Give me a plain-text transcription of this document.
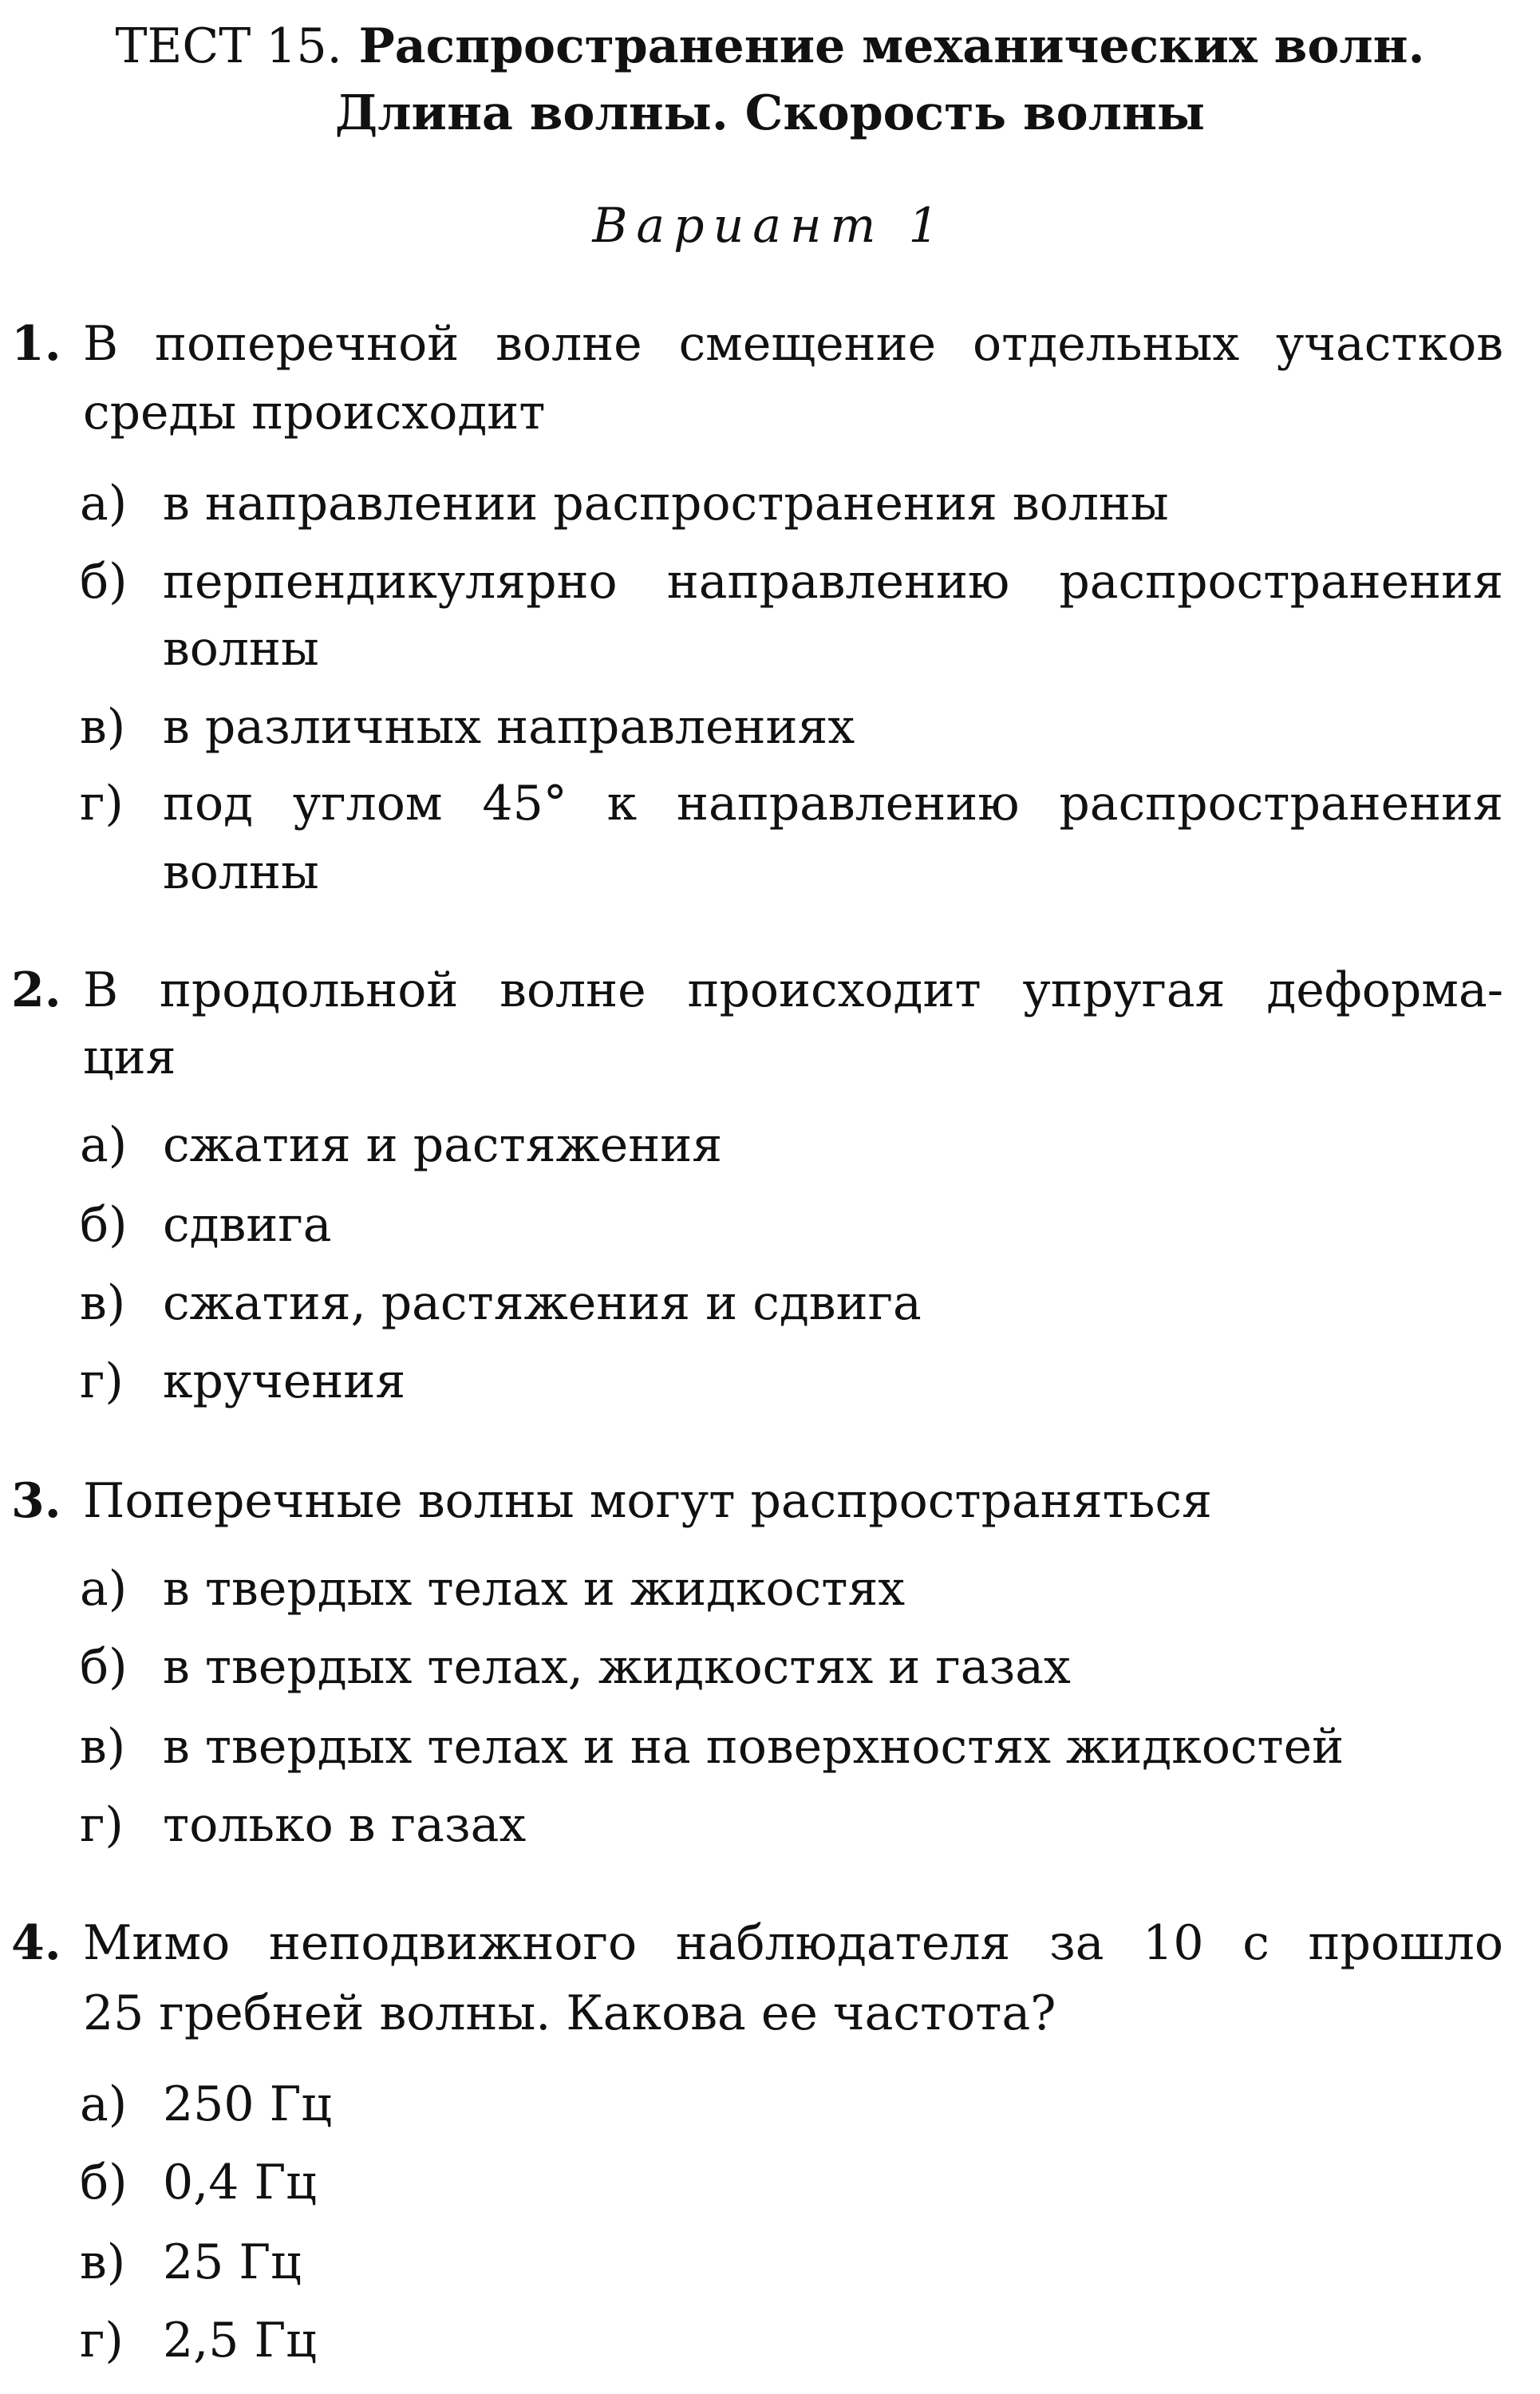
ТЕСТ 15. Распространение механических волн.
Длина волны. Скорость волны
Вариант 1
1. В поперечной волне смещение отдельных участков
среды происходит
а) в направлении распространения волны
б) перпендикулярно направлению распространения
волны
в) в различных направлениях
г) под углом 45° к направлению распространения
волны
2. В продольной волне происходит упругая деформа-
ция
а) сжатия и растяжения
б) сдвига
в) сжатия, растяжения и сдвига
г) кручения
3. Поперечные волны могут распространяться
а) в твердых телах и жидкостях
б) в твердых телах, жидкостях и газах
в) в твердых телах и на поверхностях жидкостей
г) только в газах
4. Мимо неподвижного наблюдателя за 10 с прошло
25 гребней волны. Какова ее частота?
а) 250 Гц
б) 0,4 Гц
в) 25 Гц
г) 2,5 Гц
